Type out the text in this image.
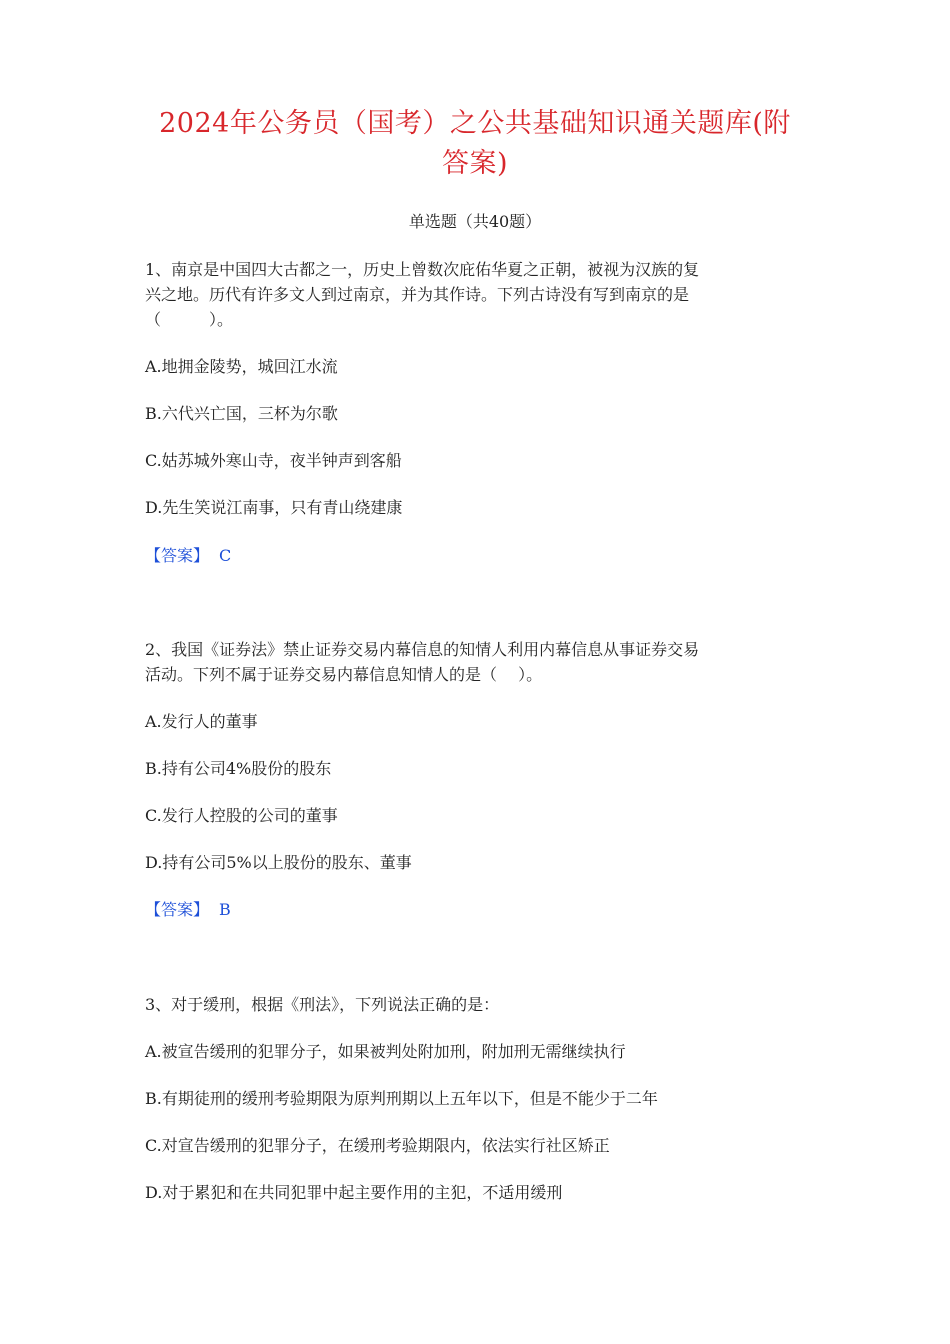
2024年公务员（国考）之公共基础知识通关题库(附
答案)
单选题（共40题）
1、南京是中国四大古都之一，历史上曾数次庇佑华夏之正朝，被视为汉族的复
兴之地。历代有许多文人到过南京，并为其作诗。下列古诗没有写到南京的是
（　　　）。
A.地拥金陵势，城回江水流
B.六代兴亡国，三杯为尔歌
C.姑苏城外寒山寺，夜半钟声到客船
D.先生笑说江南事，只有青山绕建康
【答案】 C
2、我国《证券法》禁止证券交易内幕信息的知情人利用内幕信息从事证券交易
活动。下列不属于证券交易内幕信息知情人的是（　 ）。
A.发行人的董事
B.持有公司4%股份的股东
C.发行人控股的公司的董事
D.持有公司5%以上股份的股东、董事
【答案】 B
3、对于缓刑，根据《刑法》，下列说法正确的是：
A.被宣告缓刑的犯罪分子，如果被判处附加刑，附加刑无需继续执行
B.有期徒刑的缓刑考验期限为原判刑期以上五年以下，但是不能少于二年
C.对宣告缓刑的犯罪分子，在缓刑考验期限内，依法实行社区矫正
D.对于累犯和在共同犯罪中起主要作用的主犯，不适用缓刑
